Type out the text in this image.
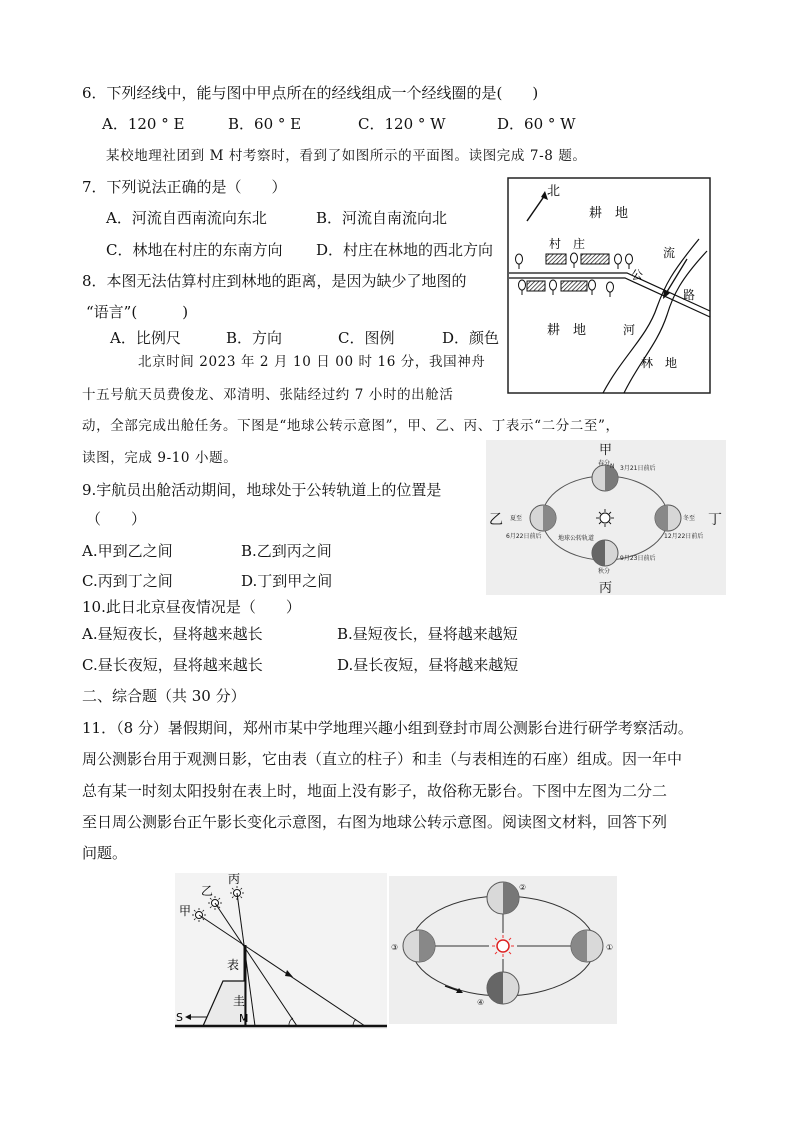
6．下列经线中，能与图中甲点所在的经线组成一个经线圈的是(　　)
A．120 ° E	B．60 ° E	C．120 ° W	D．60 ° W
某校地理社团到 M 村考察时，看到了如图所示的平面图。读图完成 7-8 题。
7．下列说法正确的是（　　）
A．河流自西南流向东北	B．河流自南流向北
C．林地在村庄的东南方向 D．村庄在林地的西北方向
8．本图无法估算村庄到林地的距离，是因为缺少了地图的
“语言”(　　　)
A．比例尺	B．方向	C．图例	D．颜色
北
耕　地
村　庄
公
路
流
耕　地	河
林　地
北京时间 2023 年 2 月 10 日 00 时 16 分，我国神舟
十五号航天员费俊龙、邓清明、张陆经过约 7 小时的出舱活
动，全部完成出舱任务。下图是“地球公转示意图”，甲、乙、丙、丁表示“二分二至”，
读图，完成 9-10 小题。	甲
丙
乙	丁
春分
3月21日前后
夏至
6月22日前后
冬至
12月22日前后
秋分
9月23日前后
地球公转轨道
N
9.宇航员出舱活动期间，地球处于公转轨道上的位置是
（　　）
A.甲到乙之间	B.乙到丙之间
C.丙到丁之间	D.丁到甲之间
10.此日北京昼夜情况是（　　）
A.昼短夜长，昼将越来越长	B.昼短夜长，昼将越来越短
C.昼长夜短，昼将越来越长	D.昼长夜短，昼将越来越短
二、综合题（共 30 分）
11．（8 分）暑假期间，郑州市某中学地理兴趣小组到登封市周公测影台进行研学考察活动。
周公测影台用于观测日影，它由表（直立的柱子）和圭（与表相连的石座）组成。因一年中
总有某一时刻太阳投射在表上时，地面上没有影子，故俗称无影台。下图中左图为二分二
至日周公测影台正午影长变化示意图，右图为地球公转示意图。阅读图文材料，回答下列
问题。
甲
乙
丙
表
圭
M
S
②
①
③
④
